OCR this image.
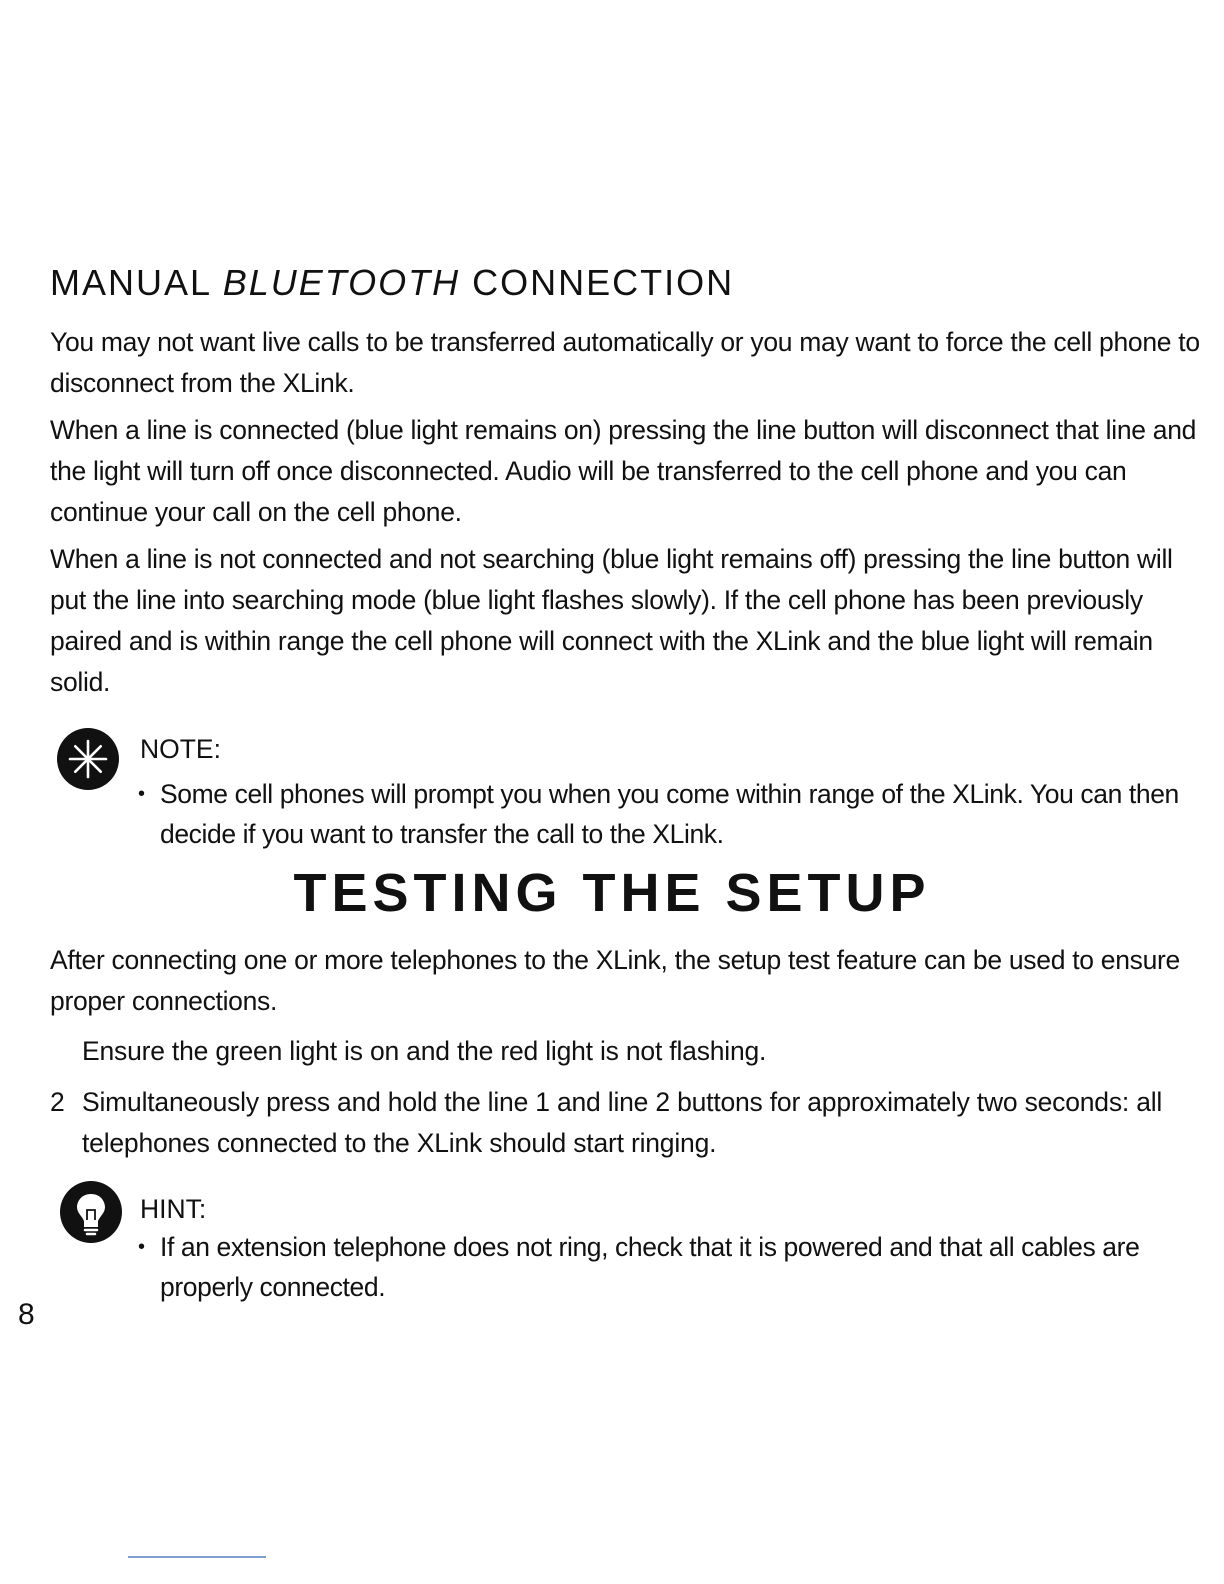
MANUAL BLUETOOTH CONNECTION

You may not want live calls to be transferred automatically or you may want to force the cell phone to disconnect from the XLink.

When a line is connected (blue light remains on) pressing the line button will disconnect that line and the light will turn off once disconnected. Audio will be transferred to the cell phone and you can continue your call on the cell phone.

When a line is not connected and not searching (blue light remains off) pressing the line button will put the line into searching mode (blue light flashes slowly). If the cell phone has been previously paired and is within range the cell phone will connect with the XLink and the blue light will remain solid.

NOTE:

• Some cell phones will prompt you when you come within range of the XLink. You can then decide if you want to transfer the call to the XLink.

TESTING THE SETUP

After connecting one or more telephones to the XLink, the setup test feature can be used to ensure proper connections.

Ensure the green light is on and the red light is not flashing.
2 Simultaneously press and hold the line 1 and line 2 buttons for approximately two seconds: all telephones connected to the XLink should start ringing.

HINT:

• If an extension telephone does not ring, check that it is powered and that all cables are properly connected.

8
